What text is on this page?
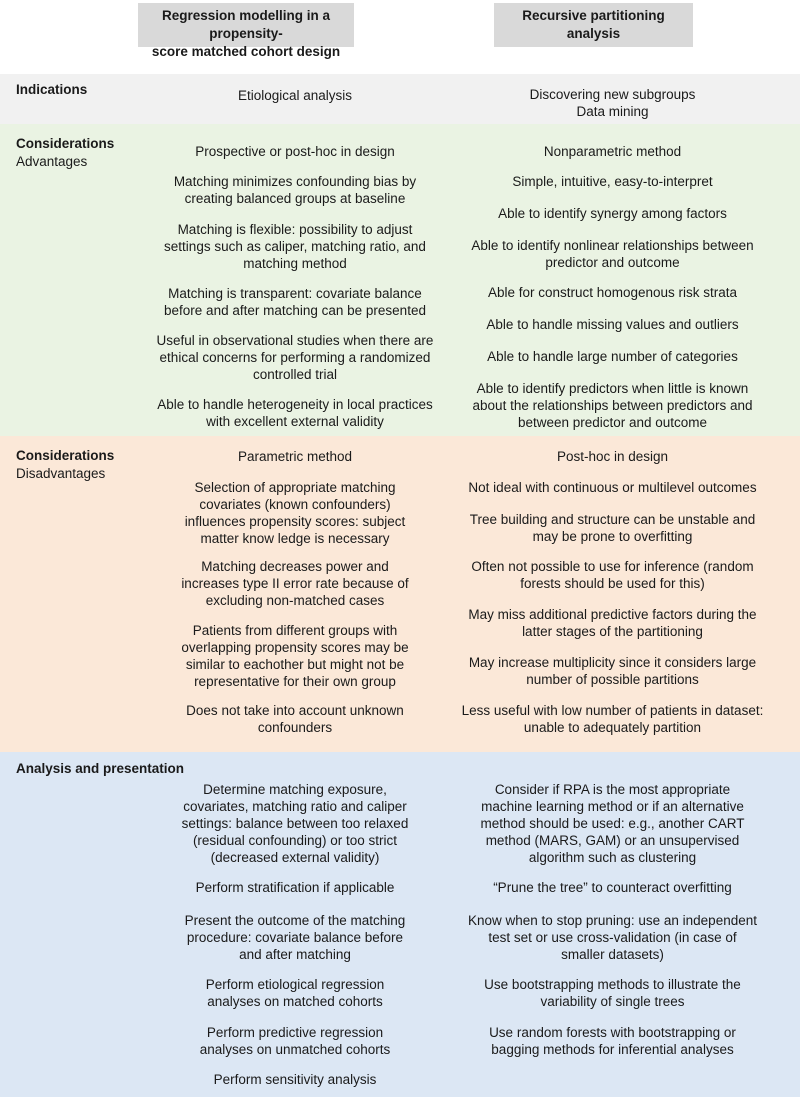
Regression modelling in a propensity-
score matched cohort design
Recursive partitioning
analysis
Indications	Etiological analysis	Discovering new subgroups
Data mining
Considerations
Advantages
Prospective or post-hoc in design
Matching minimizes confounding bias by
creating balanced groups at baseline
Matching is flexible: possibility to adjust
settings such as caliper, matching ratio, and
matching method
Matching is transparent: covariate balance
before and after matching can be presented
Useful in observational studies when there are
ethical concerns for performing a randomized
controlled trial
Able to handle heterogeneity in local practices
with excellent external validity
Nonparametric method
Simple, intuitive, easy-to-interpret
Able to identify synergy among factors
Able to identify nonlinear relationships between
predictor and outcome
Able for construct homogenous risk strata
Able to handle missing values and outliers
Able to handle large number of categories
Able to identify predictors when little is known
about the relationships between predictors and
between predictor and outcome
Considerations
Disadvantages
Parametric method
Selection of appropriate matching
covariates (known confounders)
influences propensity scores: subject
matter know ledge is necessary
Matching decreases power and
increases type II error rate because of
excluding non-matched cases
Patients from different groups with
overlapping propensity scores may be
similar to eachother but might not be
representative for their own group
Does not take into account unknown
confounders
Post-hoc in design
Not ideal with continuous or multilevel outcomes
Tree building and structure can be unstable and
may be prone to overfitting
Often not possible to use for inference (random
forests should be used for this)
May miss additional predictive factors during the
latter stages of the partitioning
May increase multiplicity since it considers large
number of possible partitions
Less useful with low number of patients in dataset:
unable to adequately partition
Analysis and presentation
Determine matching exposure,
covariates, matching ratio and caliper
settings: balance between too relaxed
(residual confounding) or too strict
(decreased external validity)
Perform stratification if applicable
Present the outcome of the matching
procedure: covariate balance before
and after matching
Perform etiological regression
analyses on matched cohorts
Perform predictive regression
analyses on unmatched cohorts
Perform sensitivity analysis
Consider if RPA is the most appropriate
machine learning method or if an alternative
method should be used: e.g., another CART
method (MARS, GAM) or an unsupervised
algorithm such as clustering
“Prune the tree” to counteract overfitting
Know when to stop pruning: use an independent
test set or use cross-validation (in case of
smaller datasets)
Use bootstrapping methods to illustrate the
variability of single trees
Use random forests with bootstrapping or
bagging methods for inferential analyses
